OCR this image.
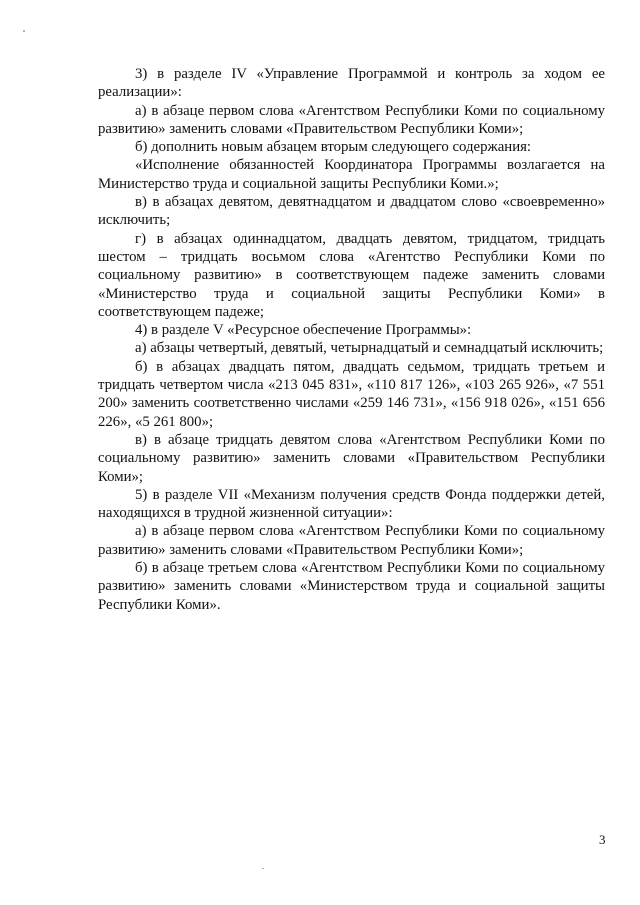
3) в разделе IV «Управление Программой и контроль за ходом ее реализации»:

а) в абзаце первом слова «Агентством Республики Коми по социальному развитию» заменить словами «Правительством Республики Коми»;

б) дополнить новым абзацем вторым следующего содержания:

«Исполнение обязанностей Координатора Программы возлагается на Министерство труда и социальной защиты Республики Коми.»;

в) в абзацах девятом, девятнадцатом и двадцатом слово «своевременно» исключить;

г) в абзацах одиннадцатом, двадцать девятом, тридцатом, тридцать шестом – тридцать восьмом слова «Агентство Республики Коми по социальному развитию» в соответствующем падеже заменить словами «Министерство труда и социальной защиты Республики Коми» в соответствующем падеже;

4) в разделе V «Ресурсное обеспечение Программы»:

а) абзацы четвертый, девятый, четырнадцатый и семнадцатый исключить;

б) в абзацах двадцать пятом, двадцать седьмом, тридцать третьем и тридцать четвертом числа «213 045 831», «110 817 126», «103 265 926», «7 551 200» заменить соответственно числами «259 146 731», «156 918 026», «151 656 226», «5 261 800»;

в) в абзаце тридцать девятом слова «Агентством Республики Коми по социальному развитию» заменить словами «Правительством Республики Коми»;

5) в разделе VII «Механизм получения средств Фонда поддержки детей, находящихся в трудной жизненной ситуации»:

а) в абзаце первом слова «Агентством Республики Коми по социальному развитию» заменить словами «Правительством Республики Коми»;

б) в абзаце третьем слова «Агентством Республики Коми по социальному развитию» заменить словами «Министерством труда и социальной защиты Республики Коми».

3
